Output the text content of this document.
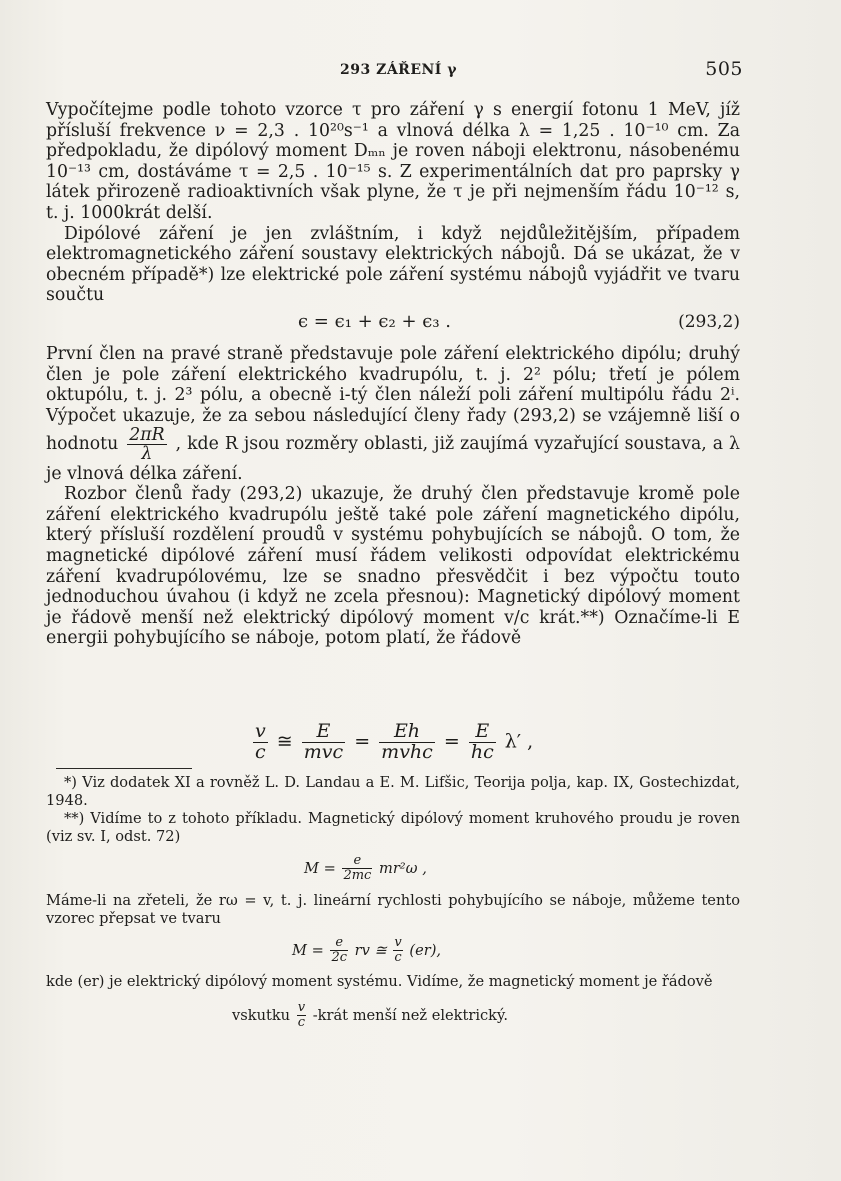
293 ZÁŘENÍ γ	505

Vypočítejme podle tohoto vzorce τ pro záření γ s energií fotonu 1 MeV, jíž přísluší frekvence ν = 2,3 . 10²⁰s⁻¹ a vlnová délka λ = 1,25 . 10⁻¹⁰ cm. Za předpokladu, že dipólový moment Dₘₙ je roven náboji elektronu, násobenému 10⁻¹³ cm, dostáváme τ = 2,5 . 10⁻¹⁵ s. Z experimentálních dat pro paprsky γ látek přirozeně radioaktivních však plyne, že τ je při nejmenším řádu 10⁻¹² s, t. j. 1000krát delší.

Dipólové záření je jen zvláštním, i když nejdůležitějším, případem elektromagnetického záření soustavy elektrických nábojů. Dá se ukázat, že v obecném případě*) lze elektrické pole záření systému nábojů vyjádřit ve tvaru součtu

ϵ = ϵ₁ + ϵ₂ + ϵ₃ .	(293,2)

První člen na pravé straně představuje pole záření elektrického dipólu; druhý člen je pole záření elektrického kvadrupólu, t. j. 2² pólu; třetí je pólem oktupólu, t. j. 2³ pólu, a obecně i-tý člen náleží poli záření multipólu řádu 2ⁱ. Výpočet ukazuje, že za sebou následující členy řady (293,2) se vzájemně liší o hodnotu $\frac{2\pi R}{\lambda}$ , kde R jsou rozměry oblasti, již zaujímá vyzařující soustava, a λ je vlnová délka záření.

Rozbor členů řady (293,2) ukazuje, že druhý člen představuje kromě pole záření elektrického kvadrupólu ještě také pole záření magnetického dipólu, který přísluší rozdělení proudů v systému pohybujících se nábojů. O tom, že magnetické dipólové záření musí řádem velikosti odpovídat elektrickému záření kvadrupólovému, lze se snadno přesvědčit i bez výpočtu touto jednoduchou úvahou (i když ne zcela přesnou): Magnetický dipólový moment je řádově menší než elektrický dipólový moment v/c krát.**) Označíme-li E energii pohybujícího se náboje, potom platí, že řádově

$\frac{v}{c}$ ≅ $\frac{E}{\text{mvc}} = \frac{Eh}{\text{mvhc}} = \frac{E}{hc} \lambda'$ ,

*) Viz dodatek XI a rovněž L. D. Landau a E. M. Lifšic, Teorija polja, kap. IX, Gostechizdat, 1948.

**) Vidíme to z tohoto příkladu. Magnetický dipólový moment kruhového proudu je roven (viz sv. I, odst. 72)

$M = \frac{e}{2mc} mr^2\omega$ ,

Máme-li na zřeteli, že rω = v, t. j. lineární rychlosti pohybujícího se náboje, můžeme tento vzorec přepsat ve tvaru

$M = \frac{e}{2c}$ rv ≅ $\frac{v}{c} (er)$,

kde (er) je elektrický dipólový moment systému. Vidíme, že magnetický moment je řádově

vskutku $\frac{v}{c}$ -krát menší než elektrický.
